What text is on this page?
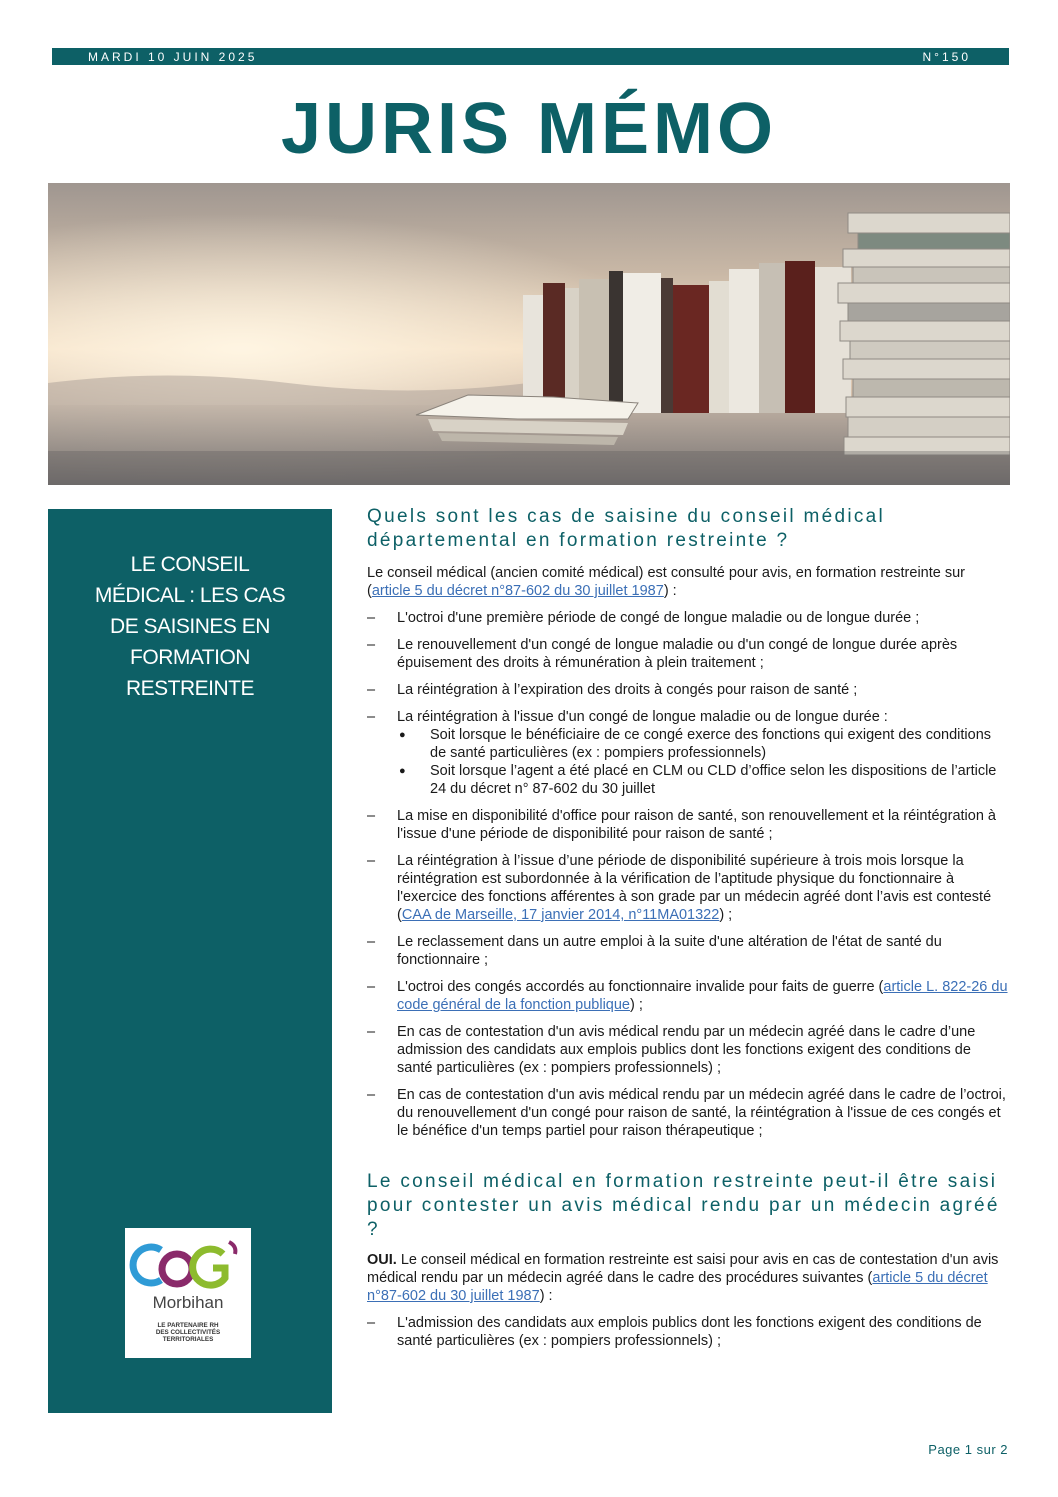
MARDI 10 JUIN 2025	N°150
JURIS MÉMO
LE CONSEIL
MÉDICAL : LES CAS
DE SAISINES EN
FORMATION
RESTREINTE
Morbihan
LE PARTENAIRE RH
DES COLLECTIVITÉS
TERRITORIALES
Quels sont les cas de saisine du conseil médical départemental en formation restreinte ?

Le conseil médical (ancien comité médical) est consulté pour avis, en formation restreinte sur (article 5 du décret n°87-602 du 30 juillet 1987) :

– L'octroi d'une première période de congé de longue maladie ou de longue durée ;
– Le renouvellement d'un congé de longue maladie ou d'un congé de longue durée après épuisement des droits à rémunération à plein traitement ;
– La réintégration à l’expiration des droits à congés pour raison de santé ;
– La réintégration à l'issue d'un congé de longue maladie ou de longue durée :
● Soit lorsque le bénéficiaire de ce congé exerce des fonctions qui exigent des conditions de santé particulières (ex : pompiers professionnels)
● Soit lorsque l’agent a été placé en CLM ou CLD d’office selon les dispositions de l’article 24 du décret n° 87-602 du 30 juillet
– La mise en disponibilité d'office pour raison de santé, son renouvellement et la réintégration à l'issue d'une période de disponibilité pour raison de santé ;
– La réintégration à l’issue d’une période de disponibilité supérieure à trois mois lorsque la réintégration est subordonnée à la vérification de l’aptitude physique du fonctionnaire à l'exercice des fonctions afférentes à son grade par un médecin agréé dont l’avis est contesté (CAA de Marseille, 17 janvier 2014, n°11MA01322) ;
– Le reclassement dans un autre emploi à la suite d'une altération de l'état de santé du fonctionnaire ;
– L'octroi des congés accordés au fonctionnaire invalide pour faits de guerre (article L. 822-26 du code général de la fonction publique) ;
– En cas de contestation d'un avis médical rendu par un médecin agréé dans le cadre d’une admission des candidats aux emplois publics dont les fonctions exigent des conditions de santé particulières (ex : pompiers professionnels) ;
– En cas de contestation d'un avis médical rendu par un médecin agréé dans le cadre de l’octroi, du renouvellement d'un congé pour raison de santé, la réintégration à l'issue de ces congés et le bénéfice d'un temps partiel pour raison thérapeutique ;
Le conseil médical en formation restreinte peut-il être saisi pour contester un avis médical rendu par un médecin agréé ?

OUI. Le conseil médical en formation restreinte est saisi pour avis en cas de contestation d'un avis médical rendu par un médecin agréé dans le cadre des procédures suivantes (article 5 du décret n°87-602 du 30 juillet 1987) :

– L'admission des candidats aux emplois publics dont les fonctions exigent des conditions de santé particulières (ex : pompiers professionnels) ;
Page 1 sur 2
